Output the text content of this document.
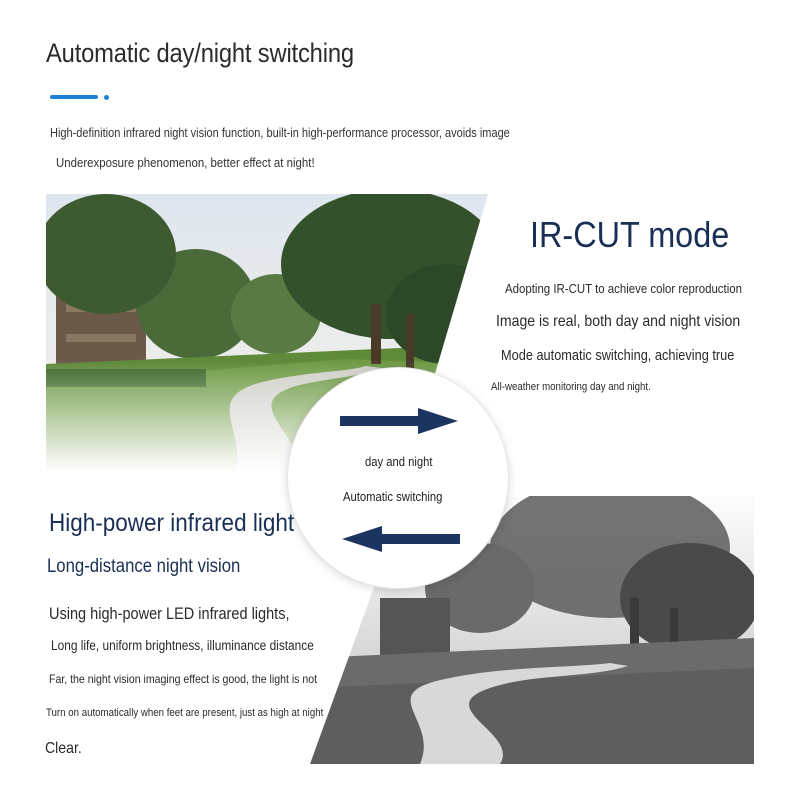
Automatic day/night switching
High-definition infrared night vision function, built-in high-performance processor, avoids image
Underexposure phenomenon, better effect at night!
IR-CUT mode
Adopting IR-CUT to achieve color reproduction
Image is real, both day and night vision
Mode automatic switching, achieving true
All-weather monitoring day and night.
day and night
Automatic switching
High-power infrared light
Long-distance night vision
Using high-power LED infrared lights,
Long life, uniform brightness, illuminance distance
Far, the night vision imaging effect is good, the light is not
Turn on automatically when feet are present, just as high at night
Clear.
